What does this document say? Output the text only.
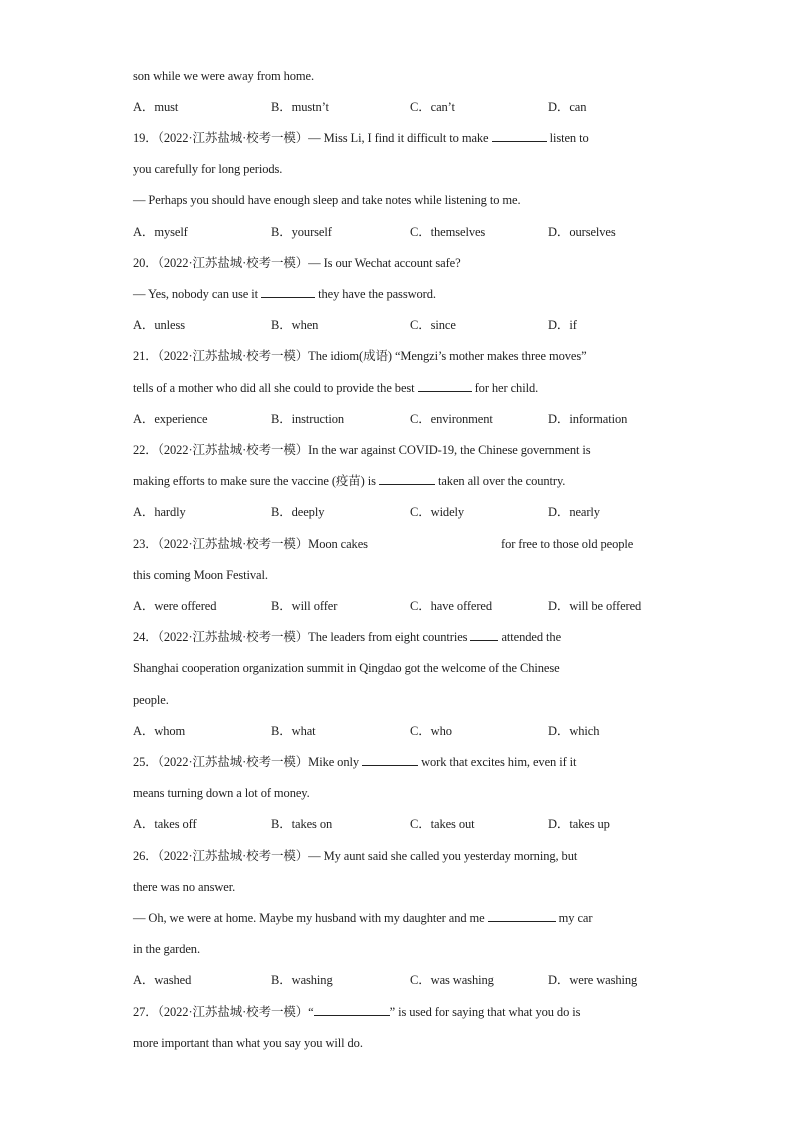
son while we were away from home.
A．must	B．mustn’t	C．can’t	D．can
19．（2022·江苏盐城·校考一模）— Miss Li, I find it difficult to make	listen to
you carefully for long periods.
— Perhaps you should have enough sleep and take notes while listening to me.
A．myself	B．yourself	C．themselves	D．ourselves
20．（2022·江苏盐城·校考一模）— Is our Wechat account safe?
— Yes, nobody can use it	they have the password.
A．unless	B．when	C．since	D．if
21．（2022·江苏盐城·校考一模）The idiom(成语) “Mengzi’s mother makes three moves”
tells of a mother who did all she could to provide the best	for her child.
A．experience	B．instruction	C．environment	D．information
22．（2022·江苏盐城·校考一模）In the war against COVID-19, the Chinese government is
making efforts to make sure the vaccine (疫苗) is	taken all over the country.
A．hardly	B．deeply	C．widely	D．nearly
23．（2022·江苏盐城·校考一模）Moon cakes	for free to those old people
this coming Moon Festival.
A．were offered	B．will offer	C．have offered	D．will be offered
24．（2022·江苏盐城·校考一模）The leaders from eight countries	attended the
Shanghai cooperation organization summit in Qingdao got the welcome of the Chinese
people.
A．whom	B．what	C．who	D．which
25．（2022·江苏盐城·校考一模）Mike only	work that excites him, even if it
means turning down a lot of money.
A．takes off	B．takes on	C．takes out	D．takes up
26．（2022·江苏盐城·校考一模）— My aunt said she called you yesterday morning, but
there was no answer.
— Oh, we were at home. Maybe my husband with my daughter and me	my car
in the garden.
A．washed	B．washing	C．was washing	D．were washing
27．（2022·江苏盐城·校考一模）“	” is used for saying that what you do is
more important than what you say you will do.
